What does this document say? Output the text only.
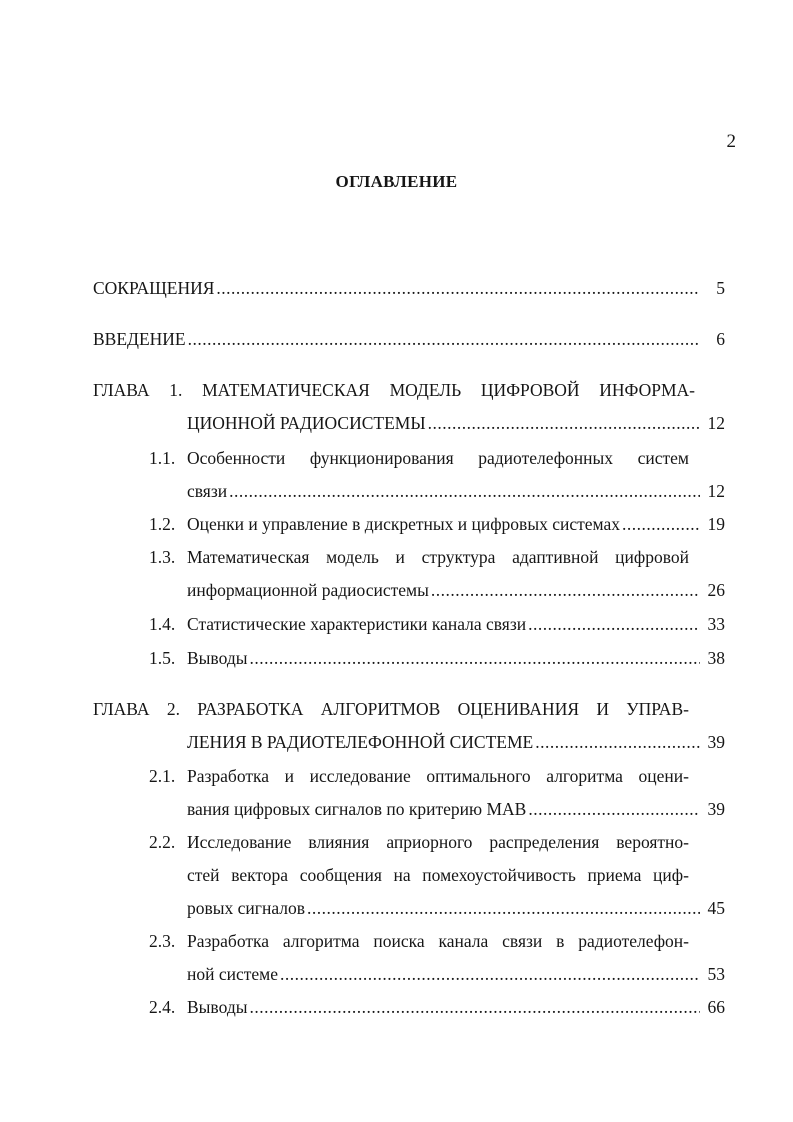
2
ОГЛАВЛЕНИЕ
СОКРАЩЕНИЯ .....	5
ВВЕДЕНИЕ .....	6
ГЛАВА 1. МАТЕМАТИЧЕСКАЯ МОДЕЛЬ ЦИФРОВОЙ ИНФОРМА-
ЦИОННОЙ РАДИОСИСТЕМЫ .....	12
1.1. Особенности функционирования радиотелефонных систем
связи .....	12
1.2. Оценки и управление в дискретных и цифровых системах .....	19
1.3. Математическая модель и структура адаптивной цифровой
информационной радиосистемы .....	26
1.4. Статистические характеристики канала связи .....	33
1.5. Выводы .....	38
ГЛАВА 2. РАЗРАБОТКА АЛГОРИТМОВ ОЦЕНИВАНИЯ И УПРАВ-
ЛЕНИЯ В РАДИОТЕЛЕФОННОЙ СИСТЕМЕ .....	39
2.1. Разработка и исследование оптимального алгоритма оцени-
вания цифровых сигналов по критерию МАВ .....	39
2.2. Исследование влияния априорного распределения вероятно-
стей вектора сообщения на помехоустойчивость приема циф-
ровых сигналов .....	45
2.3. Разработка алгоритма поиска канала связи в радиотелефон-
ной системе .....	53
2.4. Выводы .....	66
